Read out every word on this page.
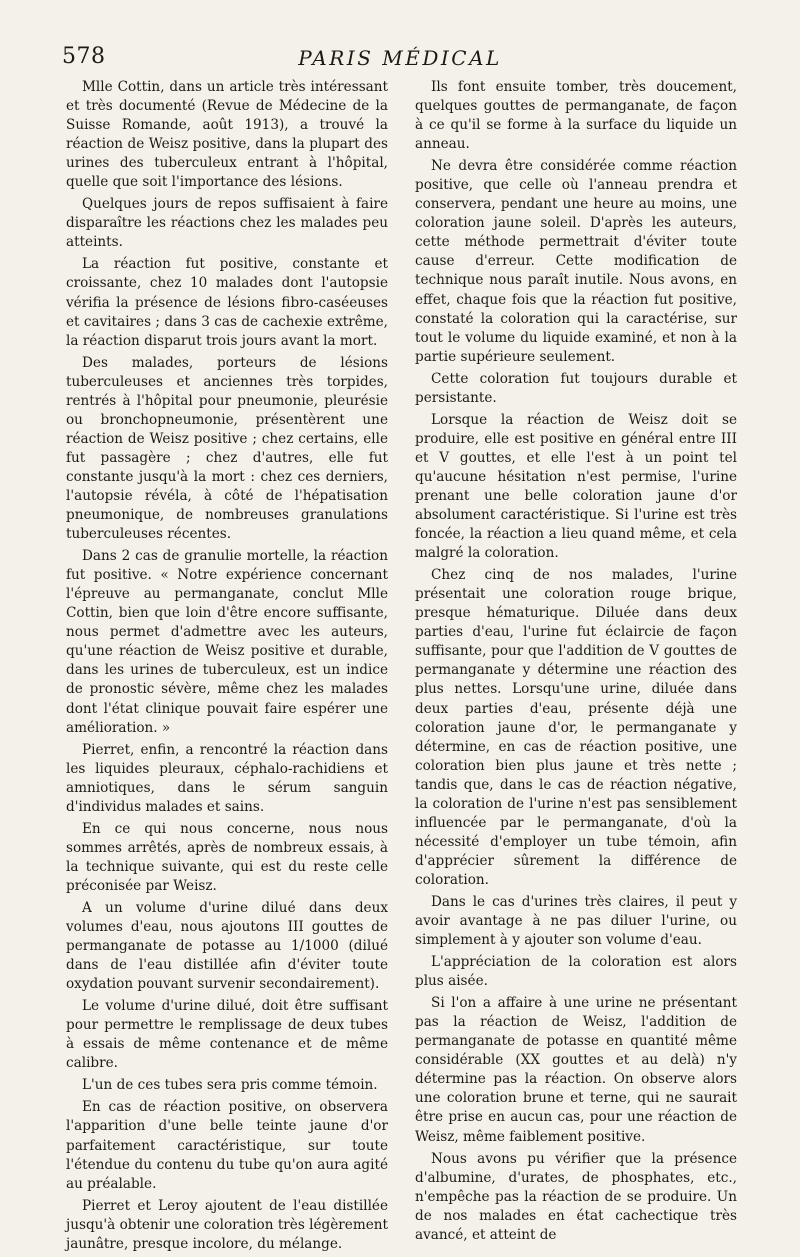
578	PARIS MÉDICAL

Mlle Cottin, dans un article très intéressant et très documenté (Revue de Médecine de la Suisse Romande, août 1913), a trouvé la réaction de Weisz positive, dans la plupart des urines des tuberculeux entrant à l'hôpital, quelle que soit l'importance des lésions.

Quelques jours de repos suffisaient à faire disparaître les réactions chez les malades peu atteints.

La réaction fut positive, constante et croissante, chez 10 malades dont l'autopsie vérifia la présence de lésions fibro-caséeuses et cavitaires ; dans 3 cas de cachexie extrême, la réaction disparut trois jours avant la mort.

Des malades, porteurs de lésions tuberculeuses et anciennes très torpides, rentrés à l'hôpital pour pneumonie, pleurésie ou bronchopneumonie, présentèrent une réaction de Weisz positive ; chez certains, elle fut passagère ; chez d'autres, elle fut constante jusqu'à la mort : chez ces derniers, l'autopsie révéla, à côté de l'hépatisation pneumonique, de nombreuses granulations tuberculeuses récentes.

Dans 2 cas de granulie mortelle, la réaction fut positive. « Notre expérience concernant l'épreuve au permanganate, conclut Mlle Cottin, bien que loin d'être encore suffisante, nous permet d'admettre avec les auteurs, qu'une réaction de Weisz positive et durable, dans les urines de tuberculeux, est un indice de pronostic sévère, même chez les malades dont l'état clinique pouvait faire espérer une amélioration. »

Pierret, enfin, a rencontré la réaction dans les liquides pleuraux, céphalo-rachidiens et amniotiques, dans le sérum sanguin d'individus malades et sains.

En ce qui nous concerne, nous nous sommes arrêtés, après de nombreux essais, à la technique suivante, qui est du reste celle préconisée par Weisz.

A un volume d'urine dilué dans deux volumes d'eau, nous ajoutons III gouttes de permanganate de potasse au 1/1000 (dilué dans de l'eau distillée afin d'éviter toute oxydation pouvant survenir secondairement).

Le volume d'urine dilué, doit être suffisant pour permettre le remplissage de deux tubes à essais de même contenance et de même calibre.

L'un de ces tubes sera pris comme témoin.

En cas de réaction positive, on observera l'apparition d'une belle teinte jaune d'or parfaitement caractéristique, sur toute l'étendue du contenu du tube qu'on aura agité au préalable.

Pierret et Leroy ajoutent de l'eau distillée jusqu'à obtenir une coloration très légèrement jaunâtre, presque incolore, du mélange.

Ils font ensuite tomber, très doucement, quelques gouttes de permanganate, de façon à ce qu'il se forme à la surface du liquide un anneau.

Ne devra être considérée comme réaction positive, que celle où l'anneau prendra et conservera, pendant une heure au moins, une coloration jaune soleil. D'après les auteurs, cette méthode permettrait d'éviter toute cause d'erreur. Cette modification de technique nous paraît inutile. Nous avons, en effet, chaque fois que la réaction fut positive, constaté la coloration qui la caractérise, sur tout le volume du liquide examiné, et non à la partie supérieure seulement.

Cette coloration fut toujours durable et persistante.

Lorsque la réaction de Weisz doit se produire, elle est positive en général entre III et V gouttes, et elle l'est à un point tel qu'aucune hésitation n'est permise, l'urine prenant une belle coloration jaune d'or absolument caractéristique. Si l'urine est très foncée, la réaction a lieu quand même, et cela malgré la coloration.

Chez cinq de nos malades, l'urine présentait une coloration rouge brique, presque hématurique. Diluée dans deux parties d'eau, l'urine fut éclaircie de façon suffisante, pour que l'addition de V gouttes de permanganate y détermine une réaction des plus nettes. Lorsqu'une urine, diluée dans deux parties d'eau, présente déjà une coloration jaune d'or, le permanganate y détermine, en cas de réaction positive, une coloration bien plus jaune et très nette ; tandis que, dans le cas de réaction négative, la coloration de l'urine n'est pas sensiblement influencée par le permanganate, d'où la nécessité d'employer un tube témoin, afin d'apprécier sûrement la différence de coloration.

Dans le cas d'urines très claires, il peut y avoir avantage à ne pas diluer l'urine, ou simplement à y ajouter son volume d'eau.

L'appréciation de la coloration est alors plus aisée.

Si l'on a affaire à une urine ne présentant pas la réaction de Weisz, l'addition de permanganate de potasse en quantité même considérable (XX gouttes et au delà) n'y détermine pas la réaction. On observe alors une coloration brune et terne, qui ne saurait être prise en aucun cas, pour une réaction de Weisz, même faiblement positive.

Nous avons pu vérifier que la présence d'albumine, d'urates, de phosphates, etc., n'empêche pas la réaction de se produire. Un de nos malades en état cachectique très avancé, et atteint de
